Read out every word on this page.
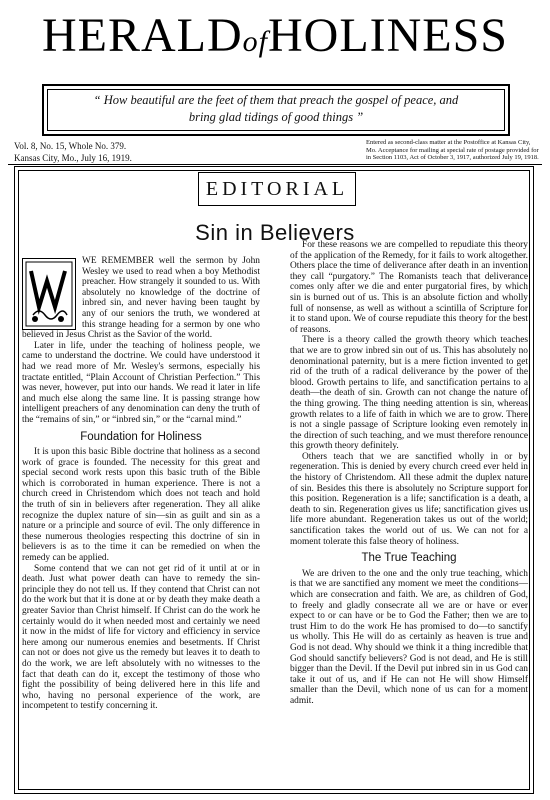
HERALDofHOLINESS
“ How beautiful are the feet of them that preach the gospel of peace, and
bring glad tidings of good things ”
Vol. 8, No. 15, Whole No. 379.
Kansas City, Mo., July 16, 1919.
Entered as second-class matter at the Postoffice at Kansas City, Mo. Acceptance for mailing at special rate of postage provided for in Section 1103, Act of October 3, 1917, authorized July 19, 1918.
EDITORIAL
Sin in Believers

WE REMEMBER well the sermon by John Wesley we used to read when a boy Methodist preacher. How strangely it sounded to us. With absolutely no knowledge of the doctrine of inbred sin, and never having been taught by any of our seniors the truth, we wondered at this strange heading for a sermon by one who believed in Jesus Christ as the Savior of the world.

Later in life, under the teaching of holiness people, we came to understand the doctrine. We could have understood it had we read more of Mr. Wesley's sermons, especially his tractate entitled, “Plain Account of Christian Perfection.” This was never, however, put into our hands. We read it later in life and much else along the same line. It is passing strange how intelligent preachers of any denomination can deny the truth of the “remains of sin,” or “inbred sin,” or the “carnal mind.”

Foundation for Holiness

It is upon this basic Bible doctrine that holiness as a second work of grace is founded. The necessity for this great and special second work rests upon this basic truth of the Bible which is corroborated in human experience. There is not a church creed in Christendom which does not teach and hold the truth of sin in believers after regeneration. They all alike recognize the duplex nature of sin—sin as guilt and sin as a nature or a principle and source of evil. The only difference in these numerous theologies respecting this doctrine of sin in believers is as to the time it can be remedied on when the remedy can be applied.

Some contend that we can not get rid of it until at or in death. Just what power death can have to remedy the sin-principle they do not tell us. If they contend that Christ can not do the work but that it is done at or by death they make death a greater Savior than Christ himself. If Christ can do the work he certainly would do it when needed most and certainly we need it now in the midst of life for victory and efficiency in service here among our numerous enemies and besetments. If Christ can not or does not give us the remedy but leaves it to death to do the work, we are left absolutely with no witnesses to the fact that death can do it, except the testimony of those who fight the possibility of being delivered here in this life and who, having no personal experience of the work, are incompetent to testify concerning it.

For these reasons we are compelled to repudiate this theory of the application of the Remedy, for it fails to work altogether. Others place the time of deliverance after death in an invention they call “purgatory.” The Romanists teach that deliverance comes only after we die and enter purgatorial fires, by which sin is burned out of us. This is an absolute fiction and wholly full of nonsense, as well as without a scintilla of Scripture for it to stand upon. We of course repudiate this theory for the best of reasons.

There is a theory called the growth theory which teaches that we are to grow inbred sin out of us. This has absolutely no denominational paternity, but is a mere fiction invented to get rid of the truth of a radical deliverance by the power of the blood. Growth pertains to life, and sanctification pertains to a death—the death of sin. Growth can not change the nature of the thing growing. The thing needing attention is sin, whereas growth relates to a life of faith in which we are to grow. There is not a single passage of Scripture looking even remotely in the direction of such teaching, and we must therefore renounce this growth theory definitely.

Others teach that we are sanctified wholly in or by regeneration. This is denied by every church creed ever held in the history of Christendom. All these admit the duplex nature of sin. Besides this there is absolutely no Scripture support for this position. Regeneration is a life; sanctification is a death, a death to sin. Regeneration gives us life; sanctification gives us life more abundant. Regeneration takes us out of the world; sanctification takes the world out of us. We can not for a moment tolerate this false theory of holiness.

The True Teaching

We are driven to the one and the only true teaching, which is that we are sanctified any moment we meet the conditions—which are consecration and faith. We are, as children of God, to freely and gladly consecrate all we are or have or ever expect to or can have or be to God the Father; then we are to trust Him to do the work He has promised to do—to sanctify us wholly. This He will do as certainly as heaven is true and God is not dead. Why should we think it a thing incredible that God should sanctify believers? God is not dead, and He is still bigger than the Devil. If the Devil put inbred sin in us God can take it out of us, and if He can not He will show Himself smaller than the Devil, which none of us can for a moment admit.
